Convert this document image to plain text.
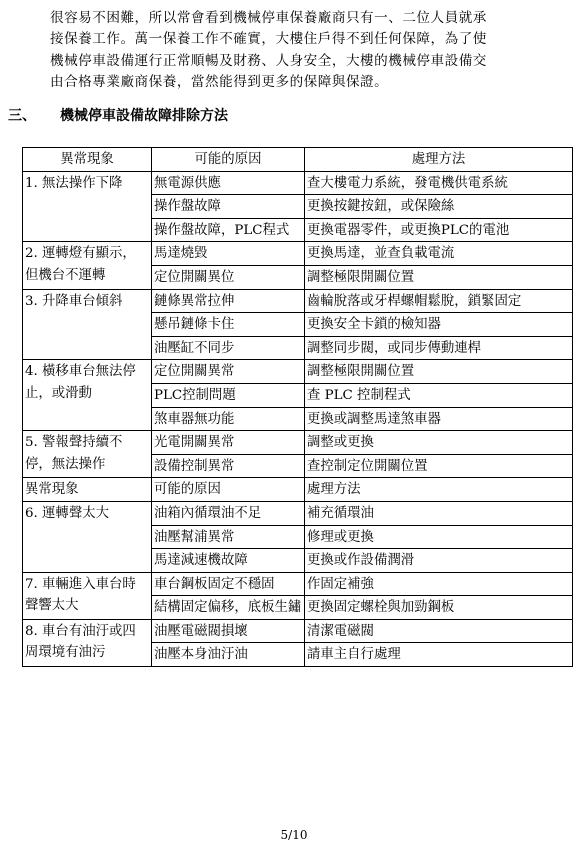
很容易不困難，所以常會看到機械停車保養廠商只有一、二位人員就承

接保養工作。萬一保養工作不確實，大樓住戶得不到任何保障，為了使

機械停車設備運行正常順暢及財務、人身安全，大樓的機械停車設備交

由合格專業廠商保養，當然能得到更多的保障與保證。

三、 機械停車設備故障排除方法
異常現象	可能的原因	處理方法
1. 無法操作下降	無電源供應	查大樓電力系統，發電機供電系統
	操作盤故障	更換按鍵按鈕，或保險絲
	操作盤故障，PLC程式	更換電器零件，或更換PLC的電池
2. 運轉燈有顯示，但機台不運轉	馬達燒毀	更換馬達，並查負載電流
	定位開關異位	調整極限開關位置
3. 升降車台傾斜	鏈條異常拉伸	齒輪脫落或牙桿螺帽鬆脫，鎖緊固定
	懸吊鏈條卡住	更換安全卡鎖的檢知器
	油壓缸不同步	調整同步閥，或同步傳動連桿
4. 橫移車台無法停止，或滑動	定位開關異常	調整極限開關位置
	PLC控制問題	查 PLC 控制程式
	煞車器無功能	更換或調整馬達煞車器
5. 警報聲持續不停，無法操作	光電開關異常	調整或更換
	設備控制異常	查控制定位開關位置
異常現象	可能的原因	處理方法
6. 運轉聲太大	油箱內循環油不足	補充循環油
	油壓幫浦異常	修理或更換
	馬達減速機故障	更換或作設備潤滑
7. 車輛進入車台時聲響太大	車台鋼板固定不穩固	作固定補強
	結構固定偏移，底板生鏽	更換固定螺栓與加勁鋼板
8. 車台有油汙或四周環境有油污	油壓電磁閥損壞	清潔電磁閥
	油壓本身油汙油	請車主自行處理
5/10
